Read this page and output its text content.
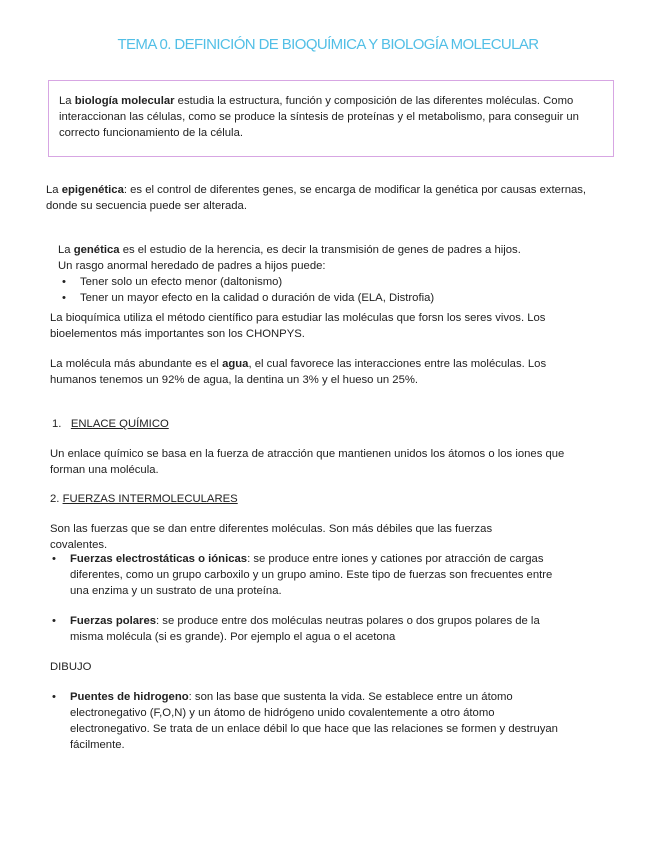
TEMA 0. DEFINICIÓN DE BIOQUÍMICA Y BIOLOGÍA MOLECULAR
La biología molecular estudia la estructura, función y composición de las diferentes moléculas. Como interaccionan las células, como se produce la síntesis de proteínas y el metabolismo, para conseguir un correcto funcionamiento de la célula.
La epigenética: es el control de diferentes genes, se encarga de modificar la genética por causas externas, donde su secuencia puede ser alterada.
La genética es el estudio de la herencia, es decir la transmisión de genes de padres a hijos.
Un rasgo anormal heredado de padres a hijos puede:
• Tener solo un efecto menor (daltonismo)
• Tener un mayor efecto en la calidad o duración de vida (ELA, Distrofia)
La bioquímica utiliza el método científico para estudiar las moléculas que forsn los seres vivos. Los bioelementos más importantes son los CHONPYS.
La molécula más abundante es el agua, el cual favorece las interacciones entre las moléculas. Los humanos tenemos un 92% de agua, la dentina un 3% y el hueso un 25%.
1. ENLACE QUÍMICO
Un enlace químico se basa en la fuerza de atracción que mantienen unidos los átomos o los iones que forman una molécula.
2. FUERZAS INTERMOLECULARES
Son las fuerzas que se dan entre diferentes moléculas. Son más débiles que las fuerzas covalentes.
• Fuerzas electrostáticas o iónicas: se produce entre iones y cationes por atracción de cargas diferentes, como un grupo carboxilo y un grupo amino. Este tipo de fuerzas son frecuentes entre una enzima y un sustrato de una proteína.
• Fuerzas polares: se produce entre dos moléculas neutras polares o dos grupos polares de la misma molécula (si es grande). Por ejemplo el agua o el acetona
DIBUJO
• Puentes de hidrogeno: son las base que sustenta la vida. Se establece entre un átomo electronegativo (F,O,N) y un átomo de hidrógeno unido covalentemente a otro átomo electronegativo. Se trata de un enlace débil lo que hace que las relaciones se formen y destruyan fácilmente.
